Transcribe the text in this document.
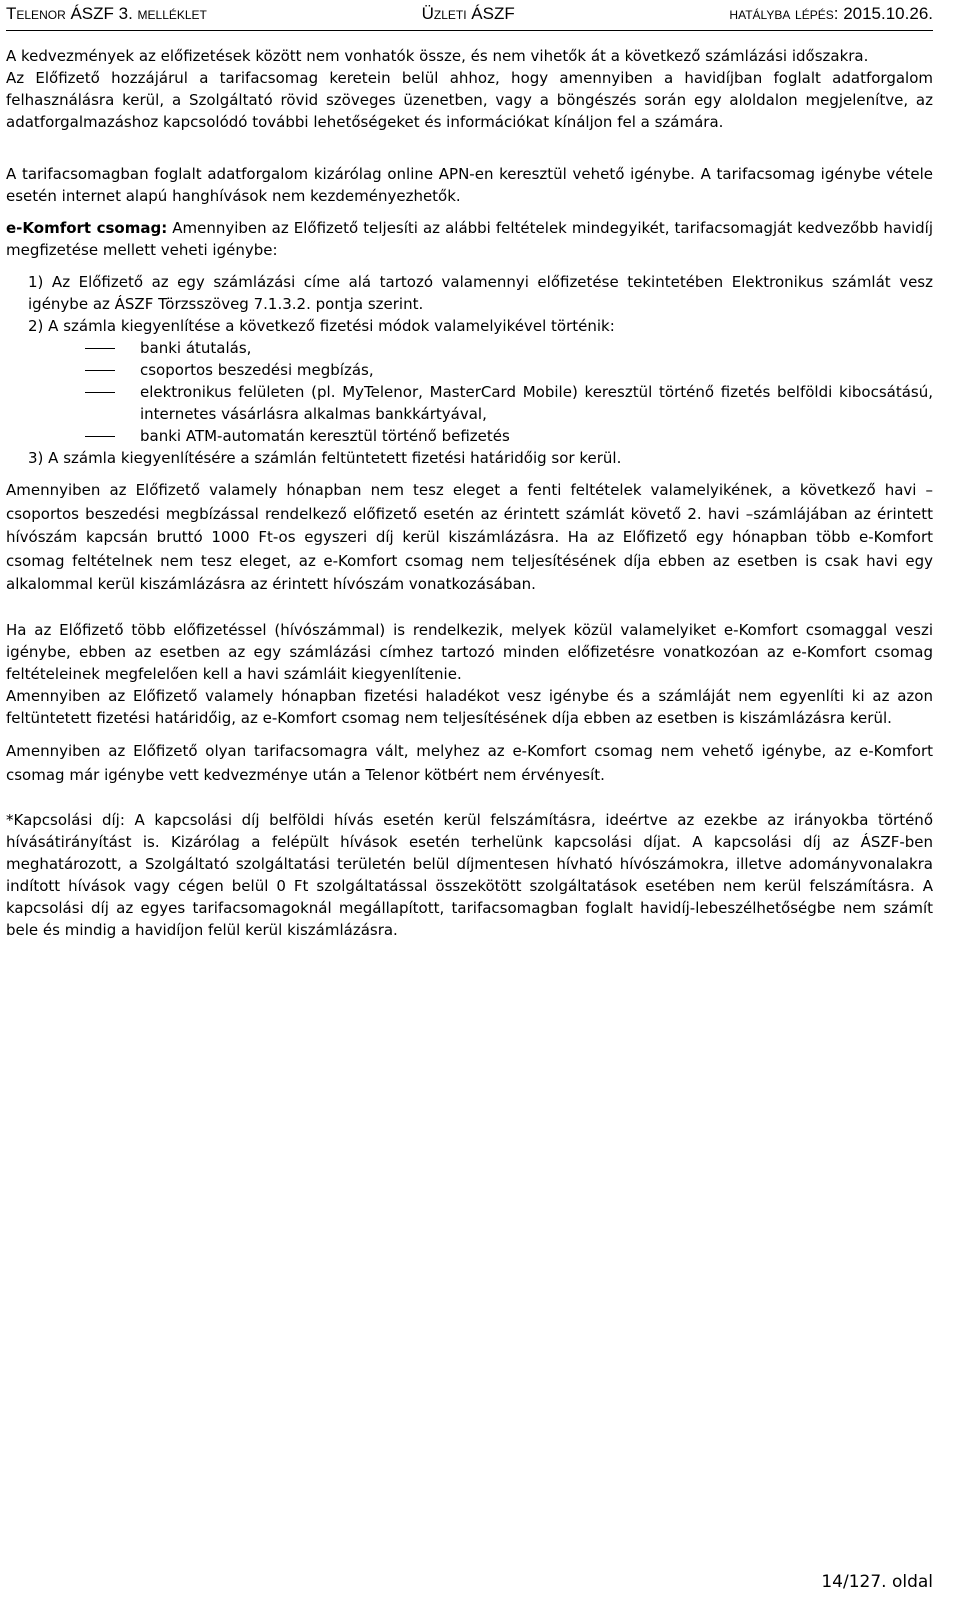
Telenor ÁSZF 3. melléklet	Üzleti ÁSZF	hatályba lépés: 2015.10.26.

A kedvezmények az előfizetések között nem vonhatók össze, és nem vihetők át a következő számlázási időszakra.

Az Előfizető hozzájárul a tarifacsomag keretein belül ahhoz, hogy amennyiben a havidíjban foglalt adatforgalom felhasználásra kerül, a Szolgáltató rövid szöveges üzenetben, vagy a böngészés során egy aloldalon megjelenítve, az adatforgalmazáshoz kapcsolódó további lehetőségeket és információkat kínáljon fel a számára.

A tarifacsomagban foglalt adatforgalom kizárólag online APN-en keresztül vehető igénybe. A tarifacsomag igénybe vétele esetén internet alapú hanghívások nem kezdeményezhetők.

e-Komfort csomag: Amennyiben az Előfizető teljesíti az alábbi feltételek mindegyikét, tarifacsomagját kedvezőbb havidíj megfizetése mellett veheti igénybe:

1) Az Előfizető az egy számlázási címe alá tartozó valamennyi előfizetése tekintetében Elektronikus számlát vesz igénybe az ÁSZF Törzsszöveg 7.1.3.2. pontja szerint.
2) A számla kiegyenlítése a következő fizetési módok valamelyikével történik:
banki átutalás,
csoportos beszedési megbízás,
elektronikus felületen (pl. MyTelenor, MasterCard Mobile) keresztül történő fizetés belföldi kibocsátású, internetes vásárlásra alkalmas bankkártyával,
banki ATM-automatán keresztül történő befizetés
3) A számla kiegyenlítésére a számlán feltüntetett fizetési határidőig sor kerül.

Amennyiben az Előfizető valamely hónapban nem tesz eleget a fenti feltételek valamelyikének, a következő havi – csoportos beszedési megbízással rendelkező előfizető esetén az érintett számlát követő 2. havi –számlájában az érintett hívószám kapcsán bruttó 1000 Ft-os egyszeri díj kerül kiszámlázásra. Ha az Előfizető egy hónapban több e-Komfort csomag feltételnek nem tesz eleget, az e-Komfort csomag nem teljesítésének díja ebben az esetben is csak havi egy alkalommal kerül kiszámlázásra az érintett hívószám vonatkozásában.

Ha az Előfizető több előfizetéssel (hívószámmal) is rendelkezik, melyek közül valamelyiket e-Komfort csomaggal veszi igénybe, ebben az esetben az egy számlázási címhez tartozó minden előfizetésre vonatkozóan az e-Komfort csomag feltételeinek megfelelően kell a havi számláit kiegyenlítenie.

Amennyiben az Előfizető valamely hónapban fizetési haladékot vesz igénybe és a számláját nem egyenlíti ki az azon feltüntetett fizetési határidőig, az e-Komfort csomag nem teljesítésének díja ebben az esetben is kiszámlázásra kerül.

Amennyiben az Előfizető olyan tarifacsomagra vált, melyhez az e-Komfort csomag nem vehető igénybe, az e-Komfort csomag már igénybe vett kedvezménye után a Telenor kötbért nem érvényesít.

*Kapcsolási díj: A kapcsolási díj belföldi hívás esetén kerül felszámításra, ideértve az ezekbe az irányokba történő hívásátirányítást is. Kizárólag a felépült hívások esetén terhelünk kapcsolási díjat. A kapcsolási díj az ÁSZF-ben meghatározott, a Szolgáltató szolgáltatási területén belül díjmentesen hívható hívószámokra, illetve adományvonalakra indított hívások vagy cégen belül 0 Ft szolgáltatással összekötött szolgáltatások esetében nem kerül felszámításra. A kapcsolási díj az egyes tarifacsomagoknál megállapított, tarifacsomagban foglalt havidíj-lebeszélhetőségbe nem számít bele és mindig a havidíjon felül kerül kiszámlázásra.

14/127. oldal
